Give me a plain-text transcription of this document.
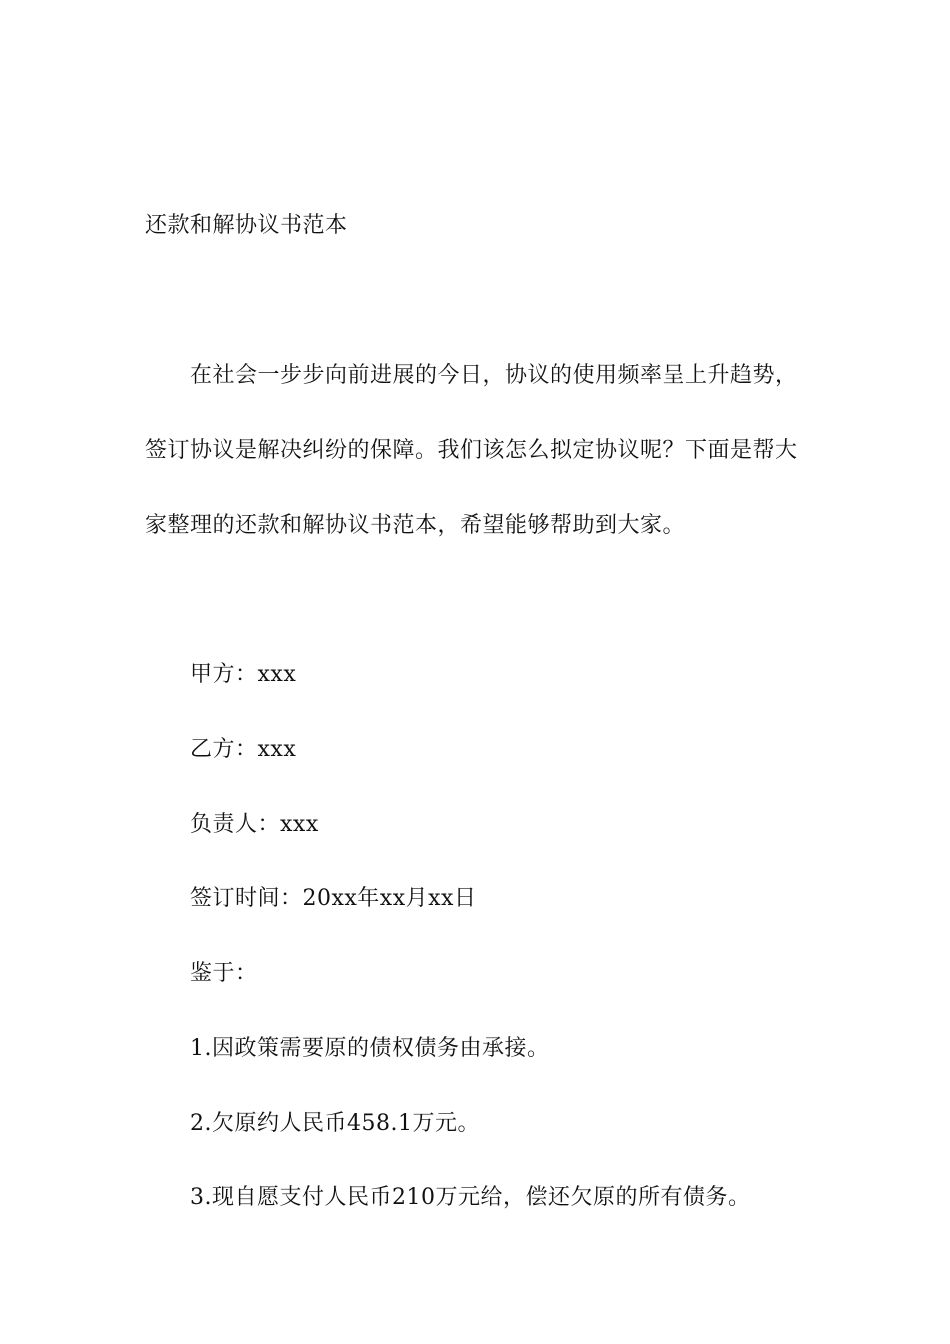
还款和解协议书范本
在社会一步步向前进展的今日，协议的使用频率呈上升趋势，
签订协议是解决纠纷的保障。我们该怎么拟定协议呢？下面是帮大
家整理的还款和解协议书范本，希望能够帮助到大家。
甲方：xxx
乙方：xxx
负责人：xxx
签订时间：20xx年xx月xx日
鉴于：
1.因政策需要原的债权债务由承接。
2.欠原约人民币458.1万元。
3.现自愿支付人民币210万元给，偿还欠原的所有债务。
